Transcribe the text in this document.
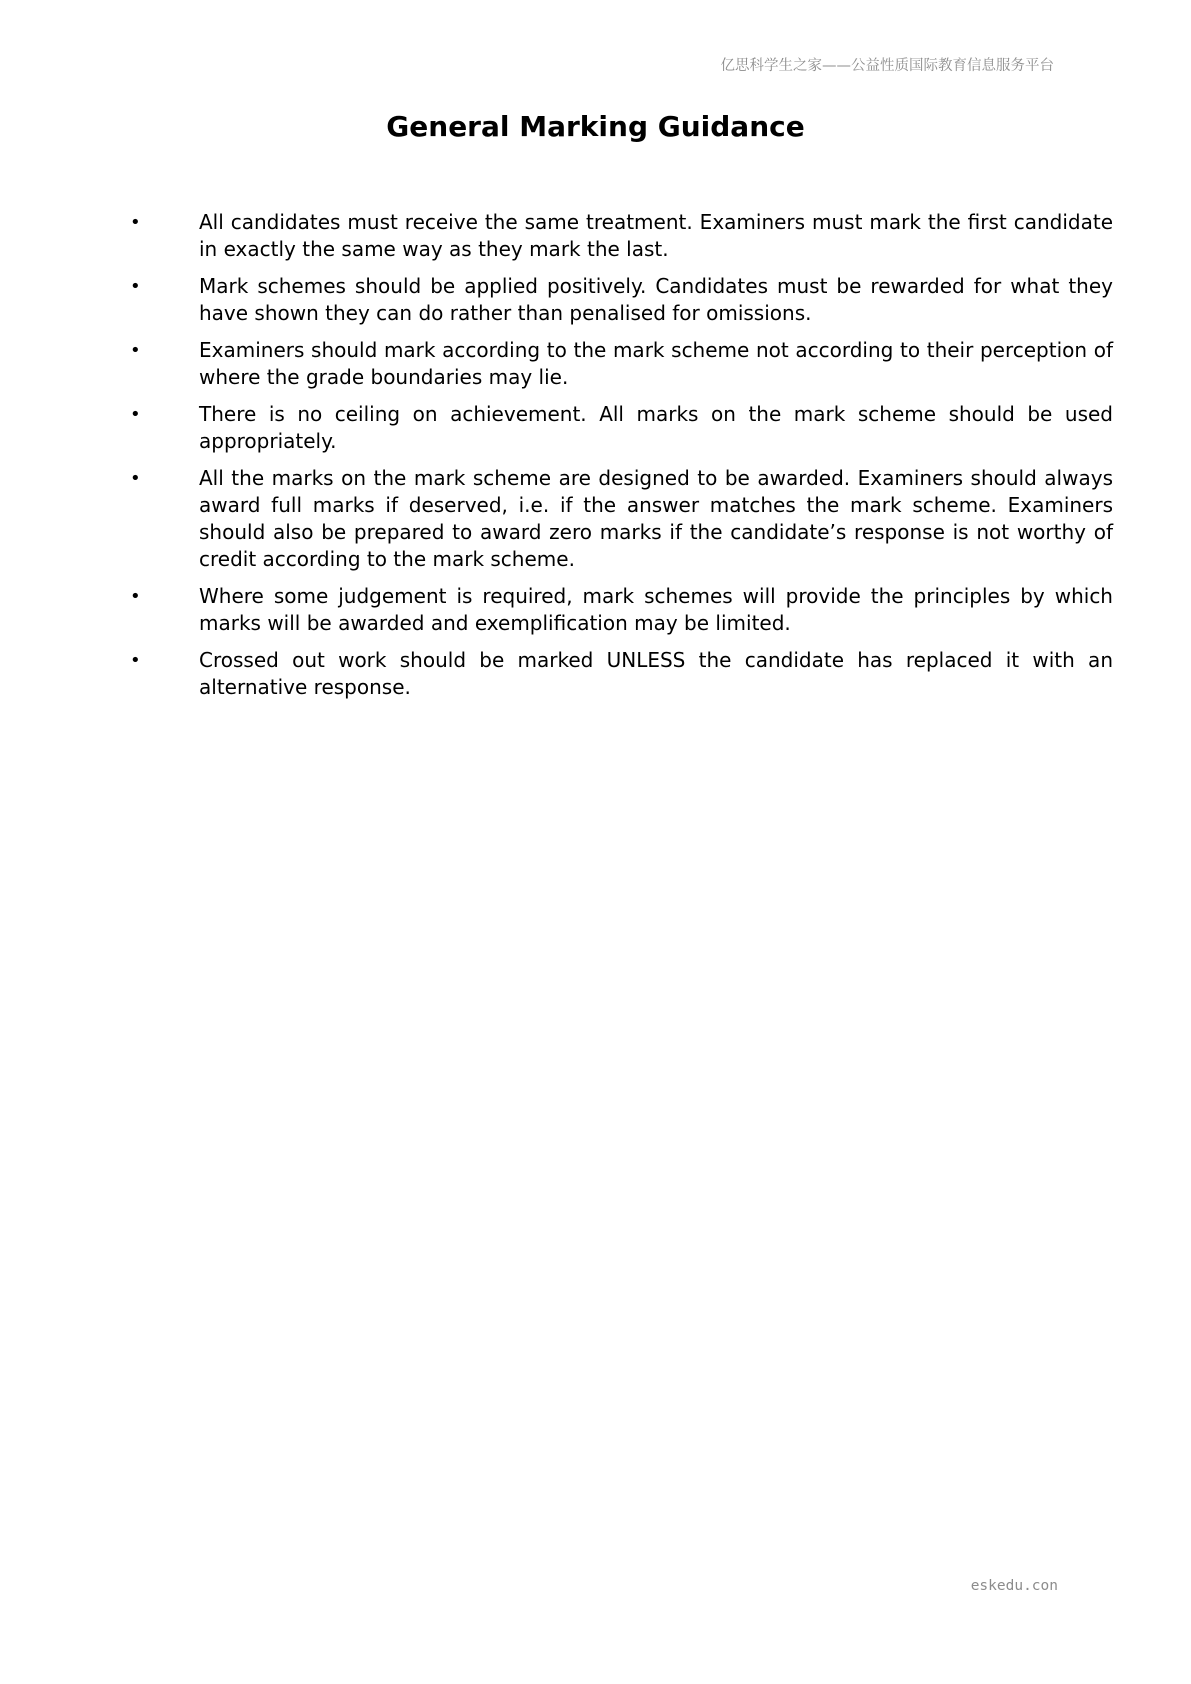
亿思科学生之家——公益性质国际教育信息服务平台
General Marking Guidance
•	All candidates must receive the same treatment. Examiners must mark the first candidate in exactly the same way as they mark the last.
•	Mark schemes should be applied positively. Candidates must be rewarded for what they have shown they can do rather than penalised for omissions.
•	Examiners should mark according to the mark scheme not according to their perception of where the grade boundaries may lie.
•	There is no ceiling on achievement. All marks on the mark scheme should be used appropriately.
•	All the marks on the mark scheme are designed to be awarded. Examiners should always award full marks if deserved, i.e. if the answer matches the mark scheme. Examiners should also be prepared to award zero marks if the candidate’s response is not worthy of credit according to the mark scheme.
•	Where some judgement is required, mark schemes will provide the principles by which marks will be awarded and exemplification may be limited.
•	Crossed out work should be marked UNLESS the candidate has replaced it with an alternative response.
eskedu.con
